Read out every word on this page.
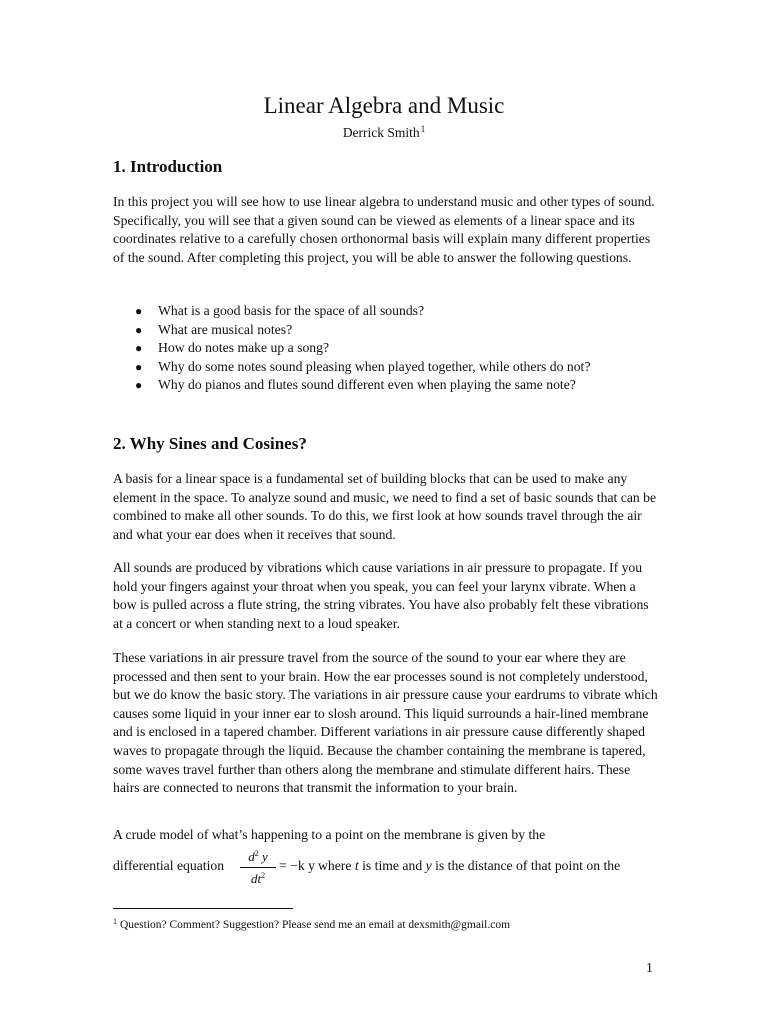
Linear Algebra and Music
Derrick Smith$^1$
1. Introduction

In this project you will see how to use linear algebra to understand music and other types of sound. Specifically, you will see that a given sound can be viewed as elements of a linear space and its coordinates relative to a carefully chosen orthonormal basis will explain many different properties of the sound. After completing this project, you will be able to answer the following questions.

● What is a good basis for the space of all sounds?
● What are musical notes?
● How do notes make up a song?
● Why do some notes sound pleasing when played together, while others do not?
● Why do pianos and flutes sound different even when playing the same note?
2. Why Sines and Cosines?

A basis for a linear space is a fundamental set of building blocks that can be used to make any element in the space. To analyze sound and music, we need to find a set of basic sounds that can be combined to make all other sounds. To do this, we first look at how sounds travel through the air and what your ear does when it receives that sound.

All sounds are produced by vibrations which cause variations in air pressure to propagate. If you hold your fingers against your throat when you speak, you can feel your larynx vibrate. When a bow is pulled across a flute string, the string vibrates. You have also probably felt these vibrations at a concert or when standing next to a loud speaker.

These variations in air pressure travel from the source of the sound to your ear where they are processed and then sent to your brain. How the ear processes sound is not completely understood, but we do know the basic story. The variations in air pressure cause your eardrums to vibrate which causes some liquid in your inner ear to slosh around. This liquid surrounds a hair-lined membrane and is enclosed in a tapered chamber. Different variations in air pressure cause differently shaped waves to propagate through the liquid. Because the chamber containing the membrane is tapered, some waves travel further than others along the membrane and stimulate different hairs. These hairs are connected to neurons that transmit the information to your brain.

A crude model of what’s happening to a point on the membrane is given by the

differential equation
$d^2$ y
$dt^2$
= −k y where t is time and y is the distance of that point on the
$^1$ Question? Comment? Suggestion? Please send me an email at dexsmith@gmail.com
1
